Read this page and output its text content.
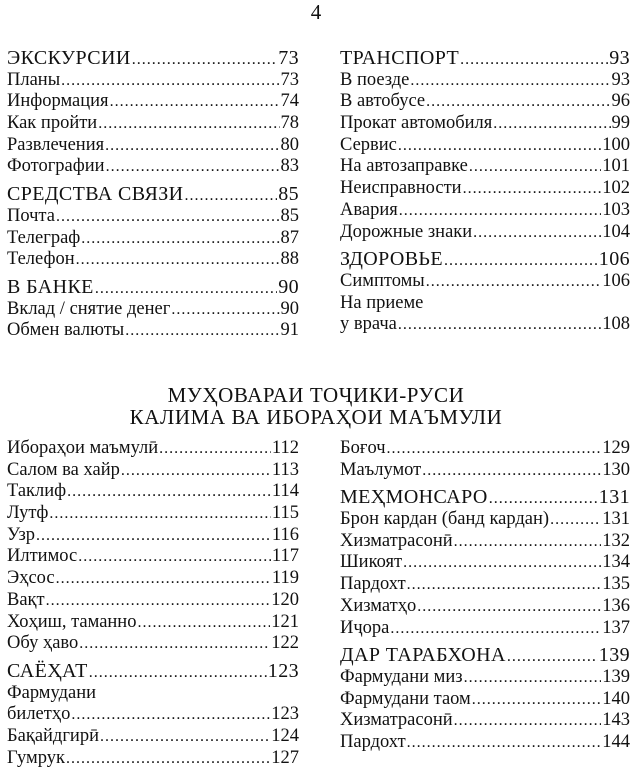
4
ЭКСКУРСИИ .....	73
Планы .....	73
Информация .....	74
Как пройти .....	78
Развлечения .....	80
Фотографии .....	83
СРЕДСТВА СВЯЗИ .....	85
Почта .....	85
Телеграф .....	87
Телефон .....	88
В БАНКЕ .....	90
Вклад / снятие денег .....	90
Обмен валюты .....	91
ТРАНСПОРТ .....	93
В поезде .....	93
В автобусе .....	96
Прокат автомобиля .....	99
Сервис .....	100
На автозаправке .....	101
Неисправности .....	102
Авария .....	103
Дорожные знаки .....	104
ЗДОРОВЬЕ .....	106
Симптомы .....	106
На приеме
у врача .....	108
МУҲОВАРАИ ТОҶИКИ-РУСИ
КАЛИМА ВА ИБОРАҲОИ МАЪМУЛИ
Ибораҳои маъмулӣ .....	112
Салом ва хайр .....	113
Таклиф .....	114
Лутф .....	115
Узр .....	116
Илтимос .....	117
Эҳсос .....	119
Вақт .....	120
Хоҳиш, таманно .....	121
Обу ҳаво .....	122
САЁҲАТ .....	123
Фармудани
билетҳо .....	123
Бақайдгирӣ .....	124
Гумрук .....	127
Боғоч .....	129
Маълумот .....	130
МЕҲМОНСАРО .....	131
Брон кардан (банд кардан) .....	131
Хизматрасонӣ .....	132
Шикоят .....	134
Пардохт .....	135
Хизматҳо .....	136
Иҷора .....	137
ДАР ТАРАБХОНА .....	139
Фармудани миз .....	139
Фармудани таом .....	140
Хизматрасонӣ .....	143
Пардохт .....	144
